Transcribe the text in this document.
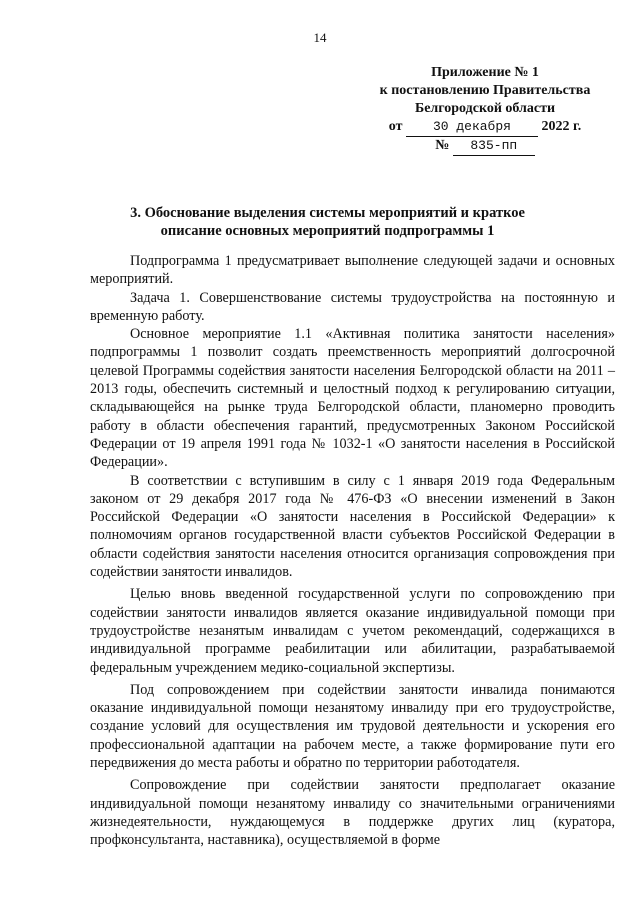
14
Приложение № 1
к постановлению Правительства
Белгородской области
от 30 декабря 2022 г.
№ 835-пп
3. Обоснование выделения системы мероприятий и краткое
описание основных мероприятий подпрограммы 1

Подпрограмма 1 предусматривает выполнение следующей задачи и основных мероприятий.

Задача 1. Совершенствование системы трудоустройства на постоянную и временную работу.

Основное мероприятие 1.1 «Активная политика занятости населения» подпрограммы 1 позволит создать преемственность мероприятий долгосрочной целевой Программы содействия занятости населения Белгородской области на 2011 – 2013 годы, обеспечить системный и целостный подход к регулированию ситуации, складывающейся на рынке труда Белгородской области, планомерно проводить работу в области обеспечения гарантий, предусмотренных Законом Российской Федерации от 19 апреля 1991 года № 1032-1 «О занятости населения в Российской Федерации».

В соответствии с вступившим в силу с 1 января 2019 года Федеральным законом от 29 декабря 2017 года № 476-ФЗ «О внесении изменений в Закон Российской Федерации «О занятости населения в Российской Федерации» к полномочиям органов государственной власти субъектов Российской Федерации в области содействия занятости населения относится организация сопровождения при содействии занятости инвалидов.

Целью вновь введенной государственной услуги по сопровождению при содействии занятости инвалидов является оказание индивидуальной помощи при трудоустройстве незанятым инвалидам с учетом рекомендаций, содержащихся в индивидуальной программе реабилитации или абилитации, разрабатываемой федеральным учреждением медико-социальной экспертизы.

Под сопровождением при содействии занятости инвалида понимаются оказание индивидуальной помощи незанятому инвалиду при его трудоустройстве, создание условий для осуществления им трудовой деятельности и ускорения его профессиональной адаптации на рабочем месте, а также формирование пути его передвижения до места работы и обратно по территории работодателя.

Сопровождение при содействии занятости предполагает оказание индивидуальной помощи незанятому инвалиду со значительными ограничениями жизнедеятельности, нуждающемуся в поддержке других лиц (куратора, профконсультанта, наставника), осуществляемой в форме
